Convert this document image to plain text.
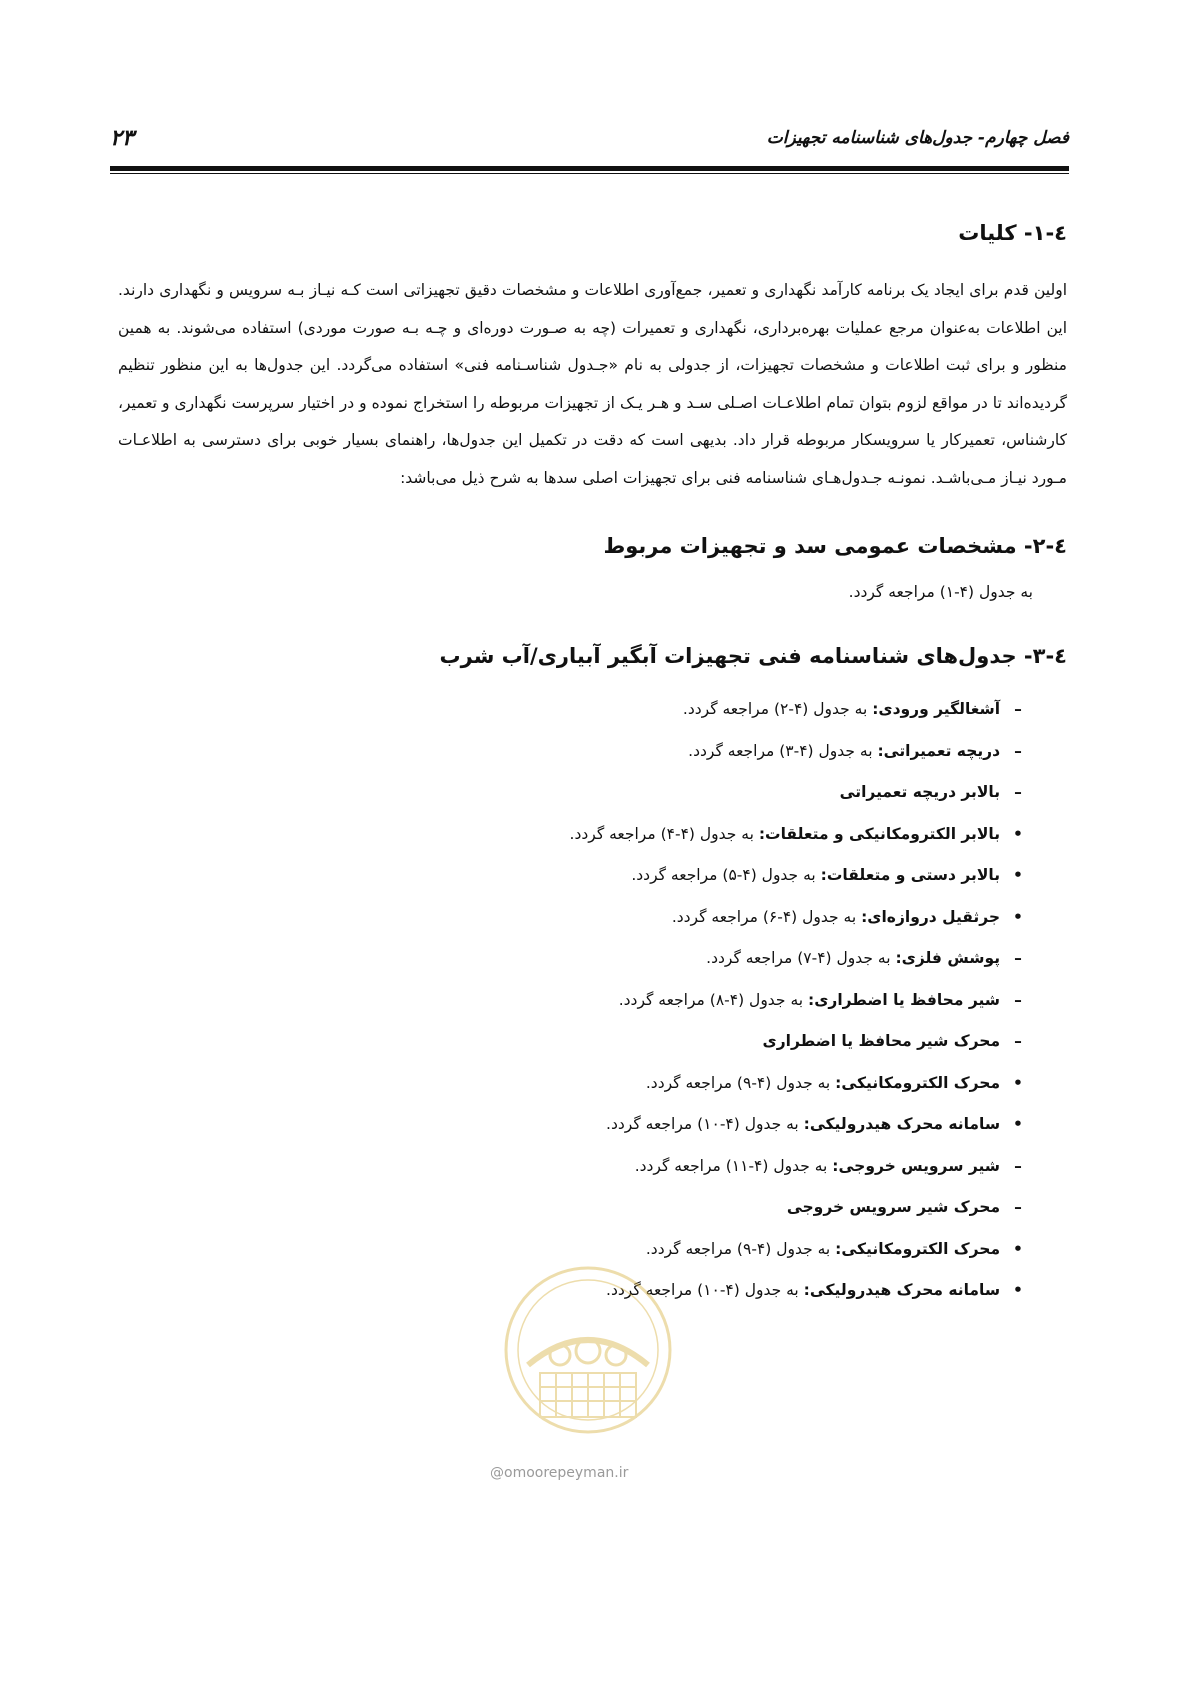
فصل چهارم- جدول‌های شناسنامه تجهیزات
۲۳
٤-١- کلیات

اولین قدم برای ایجاد یک برنامه کارآمد نگهداری و تعمیر، جمع‌آوری اطلاعات و مشخصات دقیق تجهیزاتی است کـه نیـاز بـه سرویس و نگهداری دارند. این اطلاعات به‌عنوان مرجع عملیات بهره‌برداری، نگهداری و تعمیرات (چه به صـورت دوره‌ای و چـه بـه صورت موردی) استفاده می‌شوند. به همین منظور و برای ثبت اطلاعات و مشخصات تجهیزات، از جدولی به نام «جـدول شناسـنامه فنی» استفاده می‌گردد. این جدول‌ها به این منظور تنظیم گردیده‌اند تا در مواقع لزوم بتوان تمام اطلاعـات اصـلی سـد و هـر یـک از تجهیزات مربوطه را استخراج نموده و در اختیار سرپرست نگهداری و تعمیر، کارشناس، تعمیرکار یا سرویسکار مربوطه قرار داد. بدیهی است که دقت در تکمیل این جدول‌ها، راهنمای بسیار خوبی برای دسترسی به اطلاعـات مـورد نیـاز مـی‌باشـد. نمونـه جـدول‌هـای شناسنامه فنی برای تجهیزات اصلی سدها به شرح ذیل می‌باشد:

٤-٢- مشخصات عمومی سد و تجهیزات مربوط

به جدول (۴-۱) مراجعه گردد.

٤-٣- جدول‌های شناسنامه فنی تجهیزات آبگیر آبیاری/آب شرب
– آشغالگیر ورودی: به جدول (۴-۲) مراجعه گردد.
– دریچه تعمیراتی: به جدول (۴-۳) مراجعه گردد.
– بالابر دریچه تعمیراتی
• بالابر الکترومکانیکی و متعلقات: به جدول (۴-۴) مراجعه گردد.
• بالابر دستی و متعلقات: به جدول (۴-۵) مراجعه گردد.
• جرثقیل دروازه‌ای: به جدول (۴-۶) مراجعه گردد.
– پوشش فلزی: به جدول (۴-۷) مراجعه گردد.
– شیر محافظ یا اضطراری: به جدول (۴-۸) مراجعه گردد.
– محرک شیر محافظ یا اضطراری
• محرک الکترومکانیکی: به جدول (۴-۹) مراجعه گردد.
• سامانه محرک هیدرولیکی: به جدول (۴-۱۰) مراجعه گردد.
– شیر سرویس خروجی: به جدول (۴-۱۱) مراجعه گردد.
– محرک شیر سرویس خروجی
• محرک الکترومکانیکی: به جدول (۴-۹) مراجعه گردد.
• سامانه محرک هیدرولیکی: به جدول (۴-۱۰) مراجعه گردد.
@omoorepeyman.ir
